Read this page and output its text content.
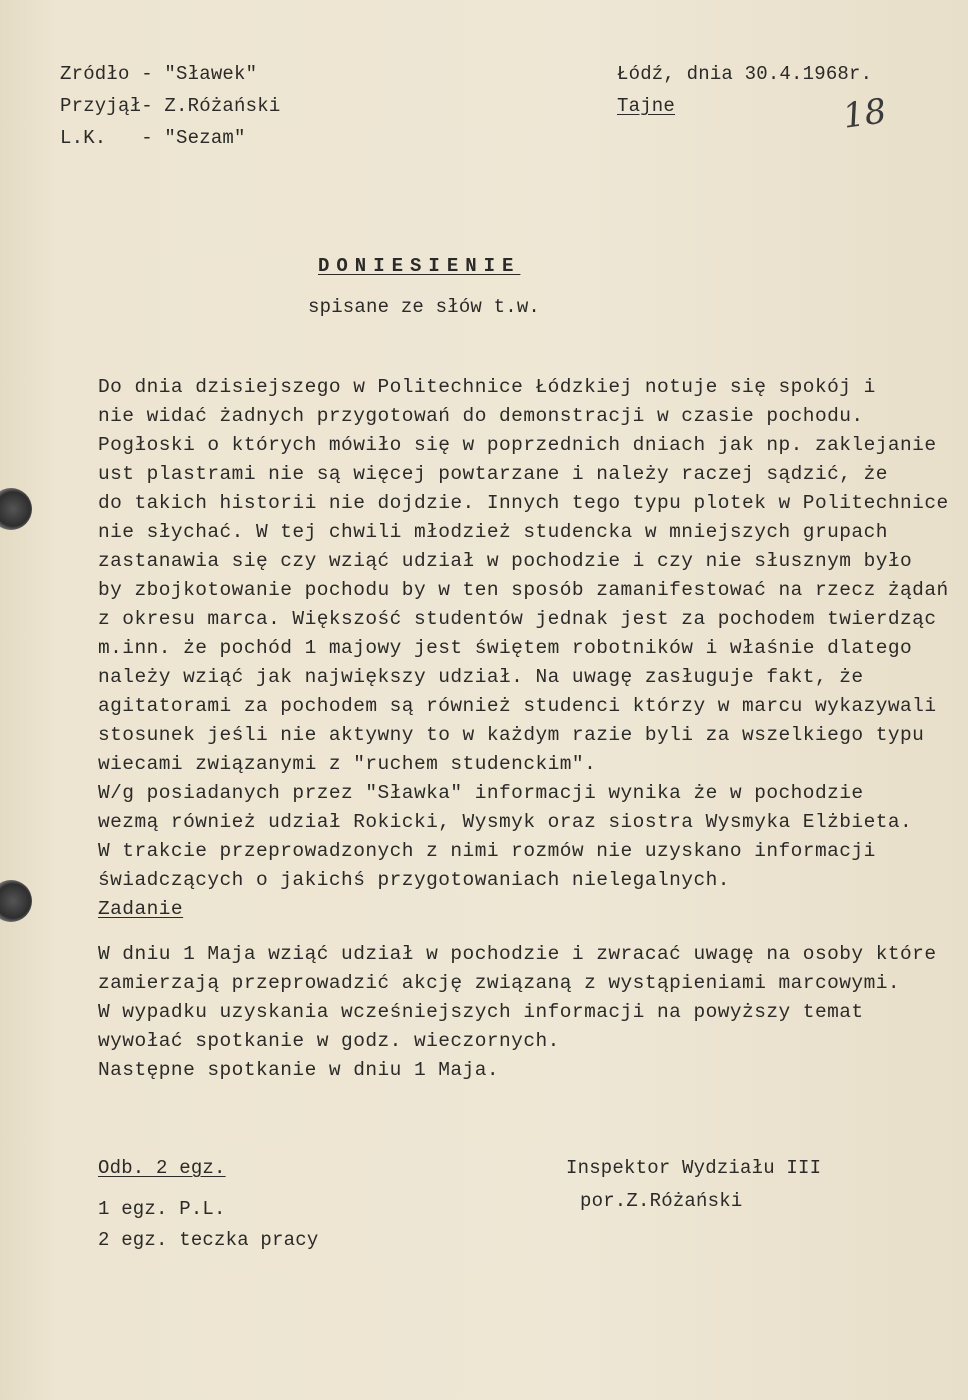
Zródło - "Sławek"
Przyjął- Z.Różański
L.K.   - "Sezam"
Łódź, dnia 30.4.1968r.
Tajne	18
DONIESIENIE
spisane ze słów t.w.
Do dnia dzisiejszego w Politechnice Łódzkiej notuje się spokój i
nie widać żadnych przygotowań do demonstracji w czasie pochodu.
Pogłoski o których mówiło się w poprzednich dniach jak np. zaklejanie
ust plastrami nie są więcej powtarzane i należy raczej sądzić, że
do takich historii nie dojdzie. Innych tego typu plotek w Politechnice
nie słychać. W tej chwili młodzież studencka w mniejszych grupach
zastanawia się czy wziąć udział w pochodzie i czy nie słusznym było
by zbojkotowanie pochodu by w ten sposób zamanifestować na rzecz żądań
z okresu marca. Większość studentów jednak jest za pochodem twierdząc
m.inn. że pochód 1 majowy jest świętem robotników i właśnie dlatego
należy wziąć jak największy udział. Na uwagę zasługuje fakt, że
agitatorami za pochodem są również studenci którzy w marcu wykazywali
stosunek jeśli nie aktywny to w każdym razie byli za wszelkiego typu
wiecami związanymi z "ruchem studenckim".
W/g posiadanych przez "Sławka" informacji wynika że w pochodzie
wezmą również udział Rokicki, Wysmyk oraz siostra Wysmyka Elżbieta.
W trakcie przeprowadzonych z nimi rozmów nie uzyskano informacji
świadczących o jakichś przygotowaniach nielegalnych.
Zadanie
W dniu 1 Maja wziąć udział w pochodzie i zwracać uwagę na osoby które
zamierzają przeprowadzić akcję związaną z wystąpieniami marcowymi.
W wypadku uzyskania wcześniejszych informacji na powyższy temat
wywołać spotkanie w godz. wieczornych.
Następne spotkanie w dniu 1 Maja.
Odb. 2 egz.
1 egz. P.L.
2 egz. teczka pracy
Inspektor Wydziału III
por.Z.Różański
